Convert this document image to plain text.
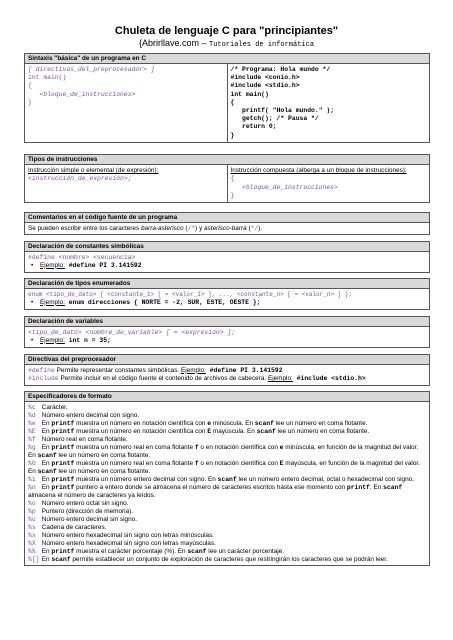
Chuleta de lenguaje C para "principiantes"
{Abrirllave.com – Tutoriales de informática
Sintaxis "básica" de un programa en C
[ directivas_del_preprocesador> ]
int main()
{
<bloque_de_instrucciones>
}
/* Programa: Hola mundo */
#include <conio.h>
#include <stdio.h>
int main()
{
printf( "Hola mundo." );
getch(); /* Pausa */
return 0;
}
Tipos de instrucciones
Instrucción simple o elemental (de expresión):
<instrucción_de_expresión>;
Instrucción compuesta (alberga a un bloque de instrucciones):
{
<bloque_de_instrucciones>
}
Comentarios en el código fuente de un programa
Se pueden escribir entre los caracteres barra-asterisco (/*) y asterisco-barra (*/).
Declaración de constantes simbólicas
#define <nombre> <secuencia>
•	Ejemplo: #define PI 3.141592
Declaración de tipos enumerados
enum <tipo_de_dato> { <constante_1> [ = <valor_1> ], ..., <constante_n> [ = <valor_n> ] };
•	Ejemplo: enum direcciones { NORTE = -2, SUR, ESTE, OESTE };
Declaración de variables
<tipo_de_dato> <nombre_de_variable> [ = <expresión> ];
•	Ejemplo: int n = 35;
Directivas del preprocesador
#define Permite representar constantes simbólicas. Ejemplo: #define PI 3.141592
#include Permite incluir en el código fuente el contenido de archivos de cabecera. Ejemplo: #include <stdio.h>
Especificadores de formato
%c Carácter.
%d Número entero decimal con signo.
%e En printf muestra un número en notación científica con e minúscula. En scanf lee un número en coma flotante.
%E En printf muestra un número en notación científica con E mayúscula. En scanf lee un número en coma flotante.
%f Número real en coma flotante.
%g En printf muestra un número real en coma flotante f o en notación científica con e minúscula, en función de la magnitud del valor. En scanf lee un número en coma flotante.
%G En printf muestra un número real en coma flotante f o en notación científica con E mayúscula, en función de la magnitud del valor. En scanf lee un número en coma flotante.
%i En printf muestra un número entero decimal con signo. En scanf lee un número entero decimal, octal o hexadecimal con signo.
%n En printf puntero a entero donde se almacena el número de caracteres escritos hasta ese momento con printf. En scanf almacena el número de caracteres ya leídos.
%o Número entero octal sin signo.
%p Puntero (dirección de memoria).
%u Número entero decimal sin signo.
%s Cadena de caracteres.
%x Número entero hexadecimal sin signo con letras minúsculas.
%X Número entero hexadecimal sin signo con letras mayúsculas.
%% En printf muestra el carácter porcentaje (%). En scanf lee un carácter porcentaje.
%[] En scanf permite establecer un conjunto de exploración de caracteres que restringirán los caracteres que se podrán leer.
